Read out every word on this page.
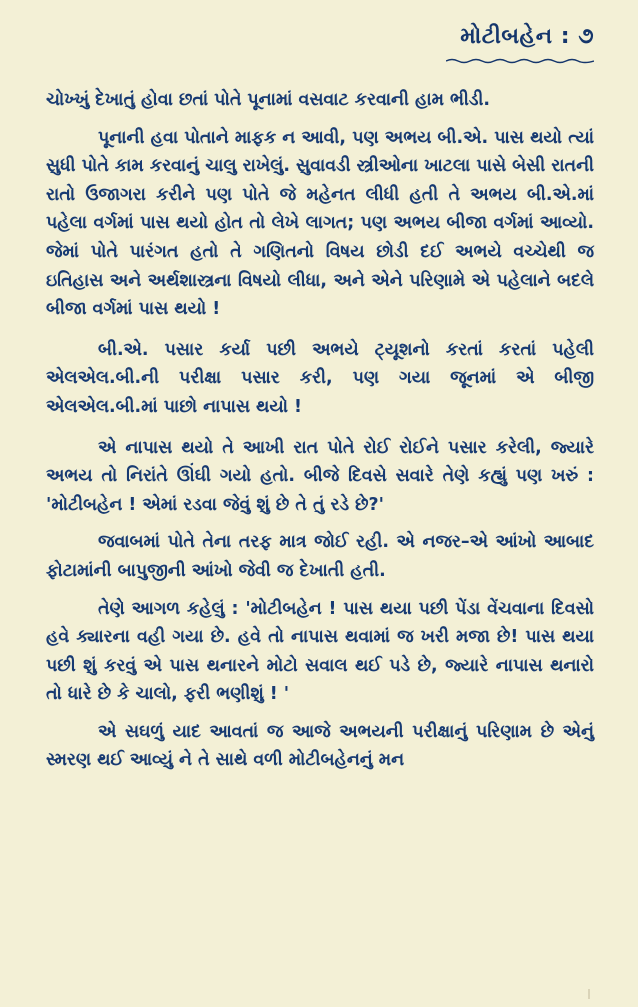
મોટીબહેન : ૭

ચોખ્ખું દેખાતું હોવા છતાં પોતે પૂનામાં વસવાટ કરવાની હામ ભીડી.

પૂનાની હવા પોતાને માફક ન આવી, પણ અભય બી.એ. પાસ થયો ત્યાં સુધી પોતે કામ કરવાનું ચાલુ રાખેલું. સુવાવડી સ્ત્રીઓના ખાટલા પાસે બેસી રાતની રાતો ઉજાગરા કરીને પણ પોતે જે મહેનત લીધી હતી તે અભય બી.એ.માં પહેલા વર્ગમાં પાસ થયો હોત તો લેખે લાગત; પણ અભય બીજા વર્ગમાં આવ્યો. જેમાં પોતે પારંગત હતો તે ગણિતનો વિષય છોડી દઈ અભયે વચ્ચેથી જ ઇતિહાસ અને અર્થશાસ્ત્રના વિષયો લીધા, અને એને પરિણામે એ પહેલાને બદલે બીજા વર્ગમાં પાસ થયો !

બી.એ. પસાર કર્યા પછી અભયે ટ્યૂશનો કરતાં કરતાં પહેલી એલએલ.બી.ની પરીક્ષા પસાર કરી, પણ ગયા જૂનમાં એ બીજી એલએલ.બી.માં પાછો નાપાસ થયો !

એ નાપાસ થયો તે આખી રાત પોતે રોઈ રોઈને પસાર કરેલી, જ્યારે અભય તો નિરાંતે ઊંઘી ગયો હતો. બીજે દિવસે સવારે તેણે કહ્યું પણ ખરું : 'મોટીબહેન ! એમાં રડવા જેવું શું છે તે તું રડે છે?'

જવાબમાં પોતે તેના તરફ માત્ર જોઈ રહી. એ નજર–એ આંખો આબાદ ફોટામાંની બાપુજીની આંખો જેવી જ દેખાતી હતી.

તેણે આગળ કહેલું : 'મોટીબહેન ! પાસ થયા પછી પેંડા વેંચવાના દિવસો હવે ક્યારના વહી ગયા છે. હવે તો નાપાસ થવામાં જ ખરી મજા છે! પાસ થયા પછી શું કરવું એ પાસ થનારને મોટો સવાલ થઈ પડે છે, જ્યારે નાપાસ થનારો તો ધારે છે કે ચાલો, ફરી ભણીશું ! '

એ સઘળું યાદ આવતાં જ આજે અભયની પરીક્ષાનું પરિણામ છે એનું સ્મરણ થઈ આવ્યું ને તે સાથે વળી મોટીબહેનનું મન
